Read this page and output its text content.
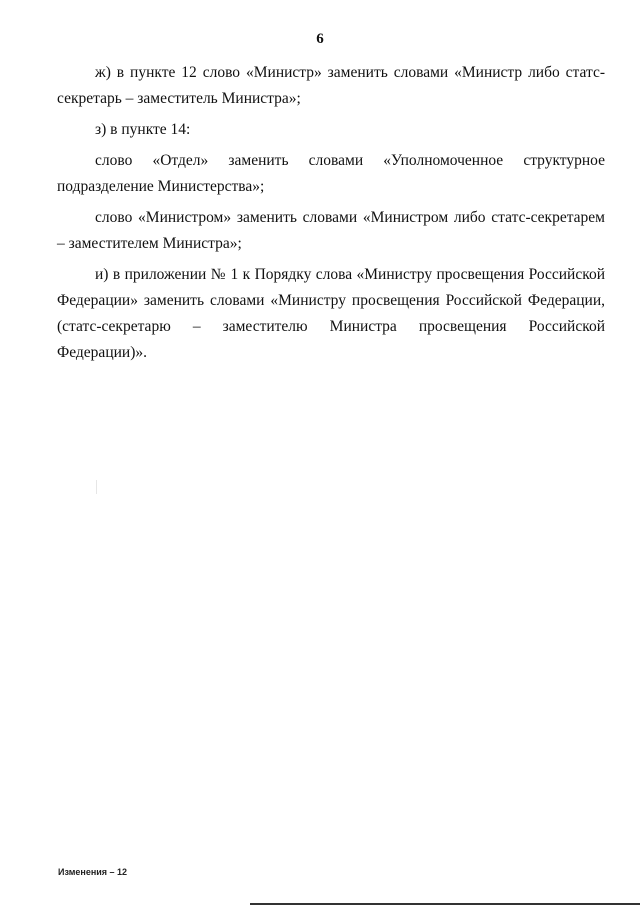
6

ж) в пункте 12 слово «Министр» заменить словами «Министр либо статс-секретарь – заместитель Министра»;

з) в пункте 14:

слово «Отдел» заменить словами «Уполномоченное структурное подразделение Министерства»;

слово «Министром» заменить словами «Министром либо статс-секретарем – заместителем Министра»;

и) в приложении № 1 к Порядку слова «Министру просвещения Российской Федерации» заменить словами «Министру просвещения Российской Федерации, (статс-секретарю – заместителю Министра просвещения Российской Федерации)».

Изменения – 12
